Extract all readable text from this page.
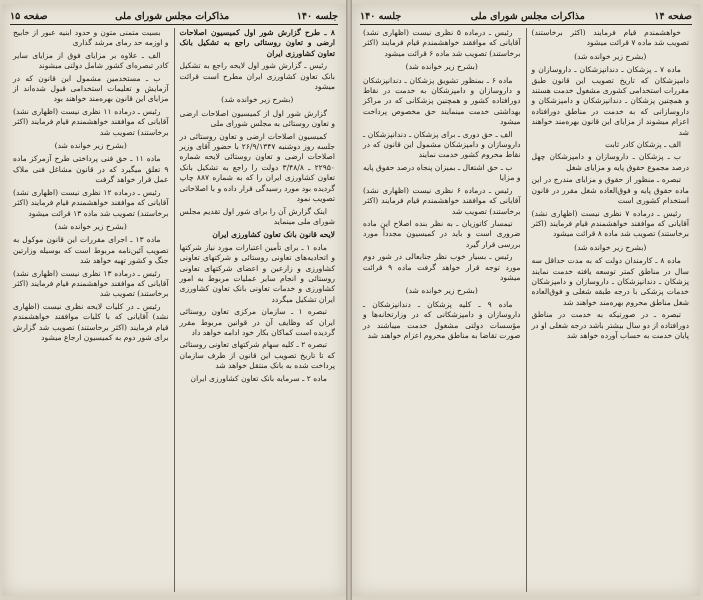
جلسه ۱۴۰
مذاکرات مجلس شورای ملی
صفحه ۱۵

۸ ـ طرح گزارش شور اول کمیسیون اصلاحات ارضی و تعاون روستائی راجع به تشکیل بانک تعاون کشاورزی ایران

رئیس ـ گزارش شور اول لایحه راجع به تشکیل بانک تعاون کشاورزی ایران مطرح است قرائت میشود

(بشرح زیر خوانده شد)

گزارش شور اول از کمیسیون اصلاحات ارضی و تعاون روستائی به مجلس شورای ملی

کمیسیون اصلاحات ارضی و تعاون روستائی در جلسه روز دوشنبه ۲۶/۹/۱۳۴۷ با حضور آقای وزیر اصلاحات ارضی و تعاون روستائی لایحه شماره ۲۲۹۵۰ ـ ۳/۴۸/۸ دولت را راجع به تشکیل بانک تعاون کشاورزی ایران را که به شماره ۸۸۷ چاپ گردیده بود مورد رسیدگی قرار داده و با اصلاحاتی تصویب نمود

اینک گزارش آن را برای شور اول تقدیم مجلس شورای ملی مینماید

لایحه قانون بانک تعاون کشاورزی ایران

ماده ۱ ـ برای تأمین اعتبارات مورد نیاز شرکتها و اتحادیه‌های تعاونی روستائی و شرکتهای تعاونی کشاورزی و زارعین و اعضای شرکتهای تعاونی روستائی و انجام سایر عملیات مربوط به امور کشاورزی و خدمات تعاونی بانک تعاون کشاورزی ایران تشکیل میگردد

تبصره ۱ ـ سازمان مرکزی تعاون روستائی ایران که وظایف آن در قوانین مربوط مقرر گردیده است کماکان بکار خود ادامه خواهد داد

تبصره ۲ ـ کلیه سهام شرکتهای تعاونی روستائی که تا تاریخ تصویب این قانون از طرف سازمان پرداخت شده به بانک منتقل خواهد شد

ماده ۲ ـ سرمایه بانک تعاون کشاورزی ایران

بسیت متمنی متون و حدود ابنیه عبور از خابیج و اوزمه حد رمای مرشد گذاری

الف ـ علاوه بر مزایای فوق از مزایای سایر کادر تبصره‌ای کشور شامل دولتی میشوند

ب ـ مستخدمین مشمول این قانون که در آزمایش و تعلیمات استخدامی قبول شده‌اند از مزایای این قانون بهره‌مند خواهند بود

رئیس ـ درماده ۱۱ نظری نیست (اظهاری نشد) آقایانی که موافقند خواهشمندم قیام فرمایند (اکثر برخاستند) تصویب شد

(بشرح زیر خوانده شد)

ماده ۱۱ ـ حق فنی پرداختی طرح آزمرکز ماده ۹ تعلق میگیرد که در قانون مشاغل فنی ملاک عمل قرار خواهد گرفت

رئیس ـ درماده ۱۲ نظری نیست (اظهاری نشد) آقایانی که موافقند خواهشمندم قیام فرمایند (اکثر برخاستند) تصویب شد ماده ۱۳ قرائت میشود

(بشرح زیر خوانده شد)

ماده ۱۳ ـ اجرای مقررات این قانون موکول به تصویب آئین‌نامه مربوط است که بوسیله وزارتین جنگ و کشور تهیه خواهد شد

رئیس ـ درماده ۱۳ نظری نیست (اظهاری نشد) آقایانی که موافقند خواهشمندم قیام فرمایند (اکثر برخاستند) تصویب شد

رئیس ـ در کلیات لایحه نظری نیست (اظهاری نشد) آقایانی که با کلیات موافقند خواهشمندم قیام فرمایند (اکثر برخاستند) تصویب شد گزارش برای شور دوم به کمیسیون ارجاع میشود

صفحه ۱۴
مذاکرات مجلس شورای ملی
جلسه ۱۴۰

خواهشمندم قیام فرمایند (اکثر برخاستند) تصویب شد ماده ۷ قرائت میشود

(بشرح زیر خوانده شد)

ماده ۷ ـ پزشکان ـ دندانپزشکان ـ داروسازان و دامپزشکان که تاریخ تصویب این قانون طبق مقررات استخدامی کشوری مشغول خدمت هستند و همچنین پزشکان ـ دندانپزشکان و دامپزشکان و داروسازانی که به خدمت در مناطق دورافتاده اعزام میشوند از مزایای این قانون بهره‌مند خواهند شد

الف ـ پزشکان کادر ثابت

ب ـ پزشکان ـ داروسازان و دامپزشکان چهل درصد مجموع حقوق پایه و مزایای شغل

تبصره ـ منظور از حقوق و مزایای مندرج در این ماده حقوق پایه و فوق‌العاده شغل مقرر در قانون استخدام کشوری است

رئیس ـ درماده ۷ نظری نیست (اظهاری نشد) آقایانی که موافقند خواهشمندم قیام فرمایند (اکثر برخاستند) تصویب شد ماده ۸ قرائت میشود

(بشرح زیر خوانده شد)

ماده ۸ ـ کارمندان دولت که به مدت حداقل سه سال در مناطق کمتر توسعه یافته خدمت نمایند پزشکان ـ دندانپزشکان ـ داروسازان و دامپزشکان خدمات پزشکی با درجه طبقه شغلی و فوق‌العاده شغل مناطق محروم بهره‌مند خواهند شد

تبصره ـ در صورتیکه به خدمت در مناطق دورافتاده از دو سال بیشتر باشد درجه شغلی او در پایان خدمت به حساب آورده خواهد شد

رئیس ـ درماده ۵ نظری نیست (اظهاری نشد) آقایانی که موافقند خواهشمندم قیام فرمایند (اکثر برخاستند) تصویب شد ماده ۶ قرائت میشود

(بشرح زیر خوانده شد)

ماده ۶ ـ بمنظور تشویق پزشکان ـ دندانپزشکان و داروسازان و دامپزشکان به خدمت در نقاط دورافتاده کشور و همچنین پزشکانی که در مراکز بهداشتی خدمت مینمایند حق مخصوص پرداخت میشود

الف ـ حق دوری ـ برای پزشکان ـ دندانپزشکان ـ داروسازان و دامپزشکان مشمول این قانون که در نقاط محروم کشور خدمت نمایند

ب ـ حق اشتغال ـ بمیزان پنجاه درصد حقوق پایه و مزایا

رئیس ـ درماده ۶ نظری نیست (اظهاری نشد) آقایانی که موافقند خواهشمندم قیام فرمایند (اکثر برخاستند) تصویب شد

تیمسار کاتوزیان ـ به نظر بنده اصلاح این ماده ضروری است و باید در کمیسیون مجدداً مورد بررسی قرار گیرد

رئیس ـ بسیار خوب نظر جنابعالی در شور دوم مورد توجه قرار خواهد گرفت ماده ۹ قرائت میشود

(بشرح زیر خوانده شد)

ماده ۹ ـ کلیه پزشکان ـ دندانپزشکان ـ داروسازان و دامپزشکانی که در وزارتخانه‌ها و مؤسسات دولتی مشغول خدمت میباشند در صورت تقاضا به مناطق محروم اعزام خواهند شد
